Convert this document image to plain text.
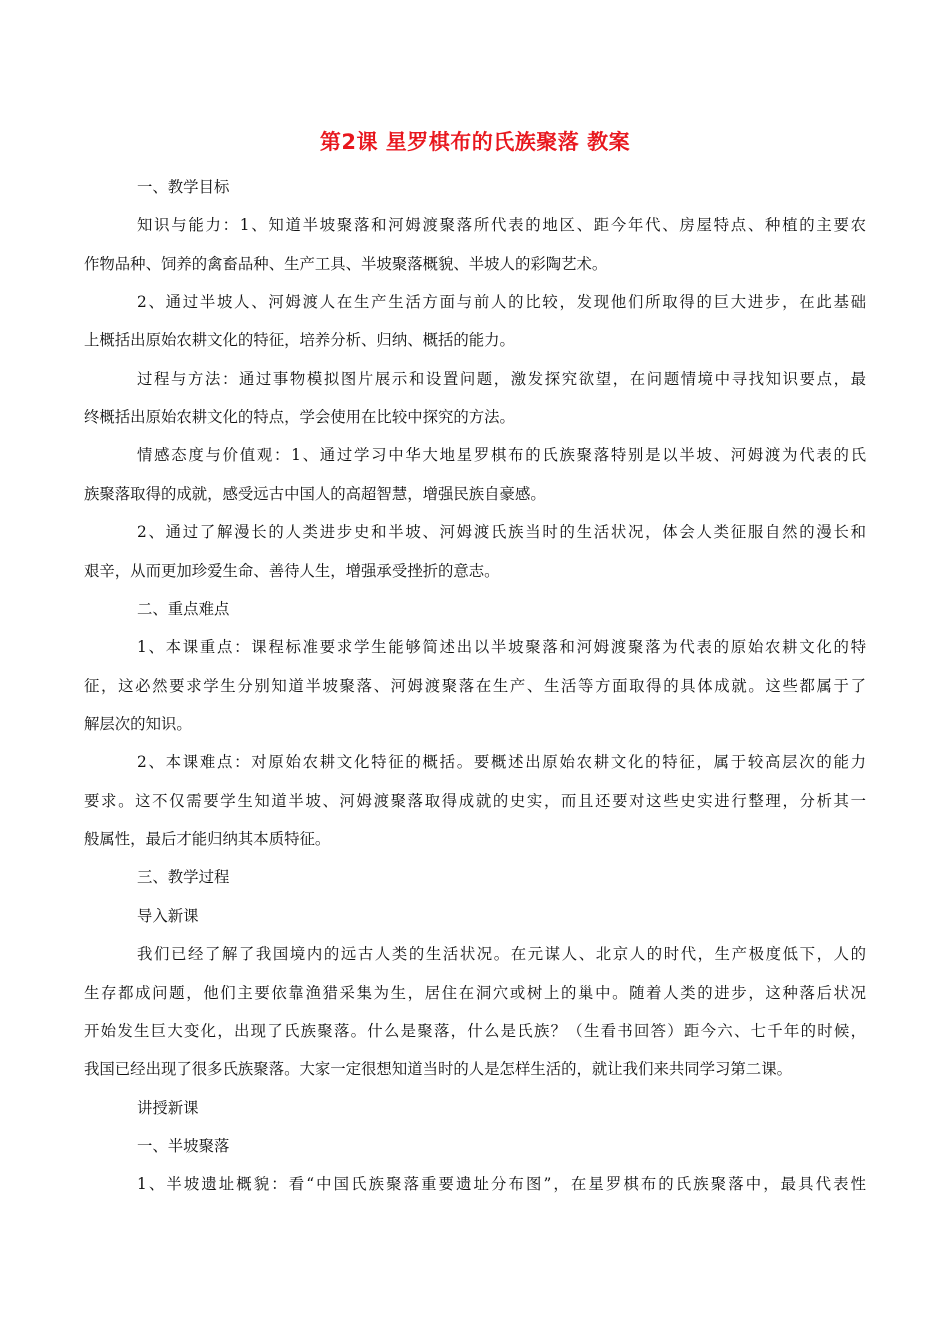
第2课 星罗棋布的氏族聚落 教案
一、教学目标
知识与能力：1、知道半坡聚落和河姆渡聚落所代表的地区、距今年代、房屋特点、种植的主要农
作物品种、饲养的禽畜品种、生产工具、半坡聚落概貌、半坡人的彩陶艺术。
2、通过半坡人、河姆渡人在生产生活方面与前人的比较，发现他们所取得的巨大进步，在此基础
上概括出原始农耕文化的特征，培养分析、归纳、概括的能力。
过程与方法：通过事物模拟图片展示和设置问题，激发探究欲望，在问题情境中寻找知识要点，最
终概括出原始农耕文化的特点，学会使用在比较中探究的方法。
情感态度与价值观：1、通过学习中华大地星罗棋布的氏族聚落特别是以半坡、河姆渡为代表的氏
族聚落取得的成就，感受远古中国人的高超智慧，增强民族自豪感。
2、通过了解漫长的人类进步史和半坡、河姆渡氏族当时的生活状况，体会人类征服自然的漫长和
艰辛，从而更加珍爱生命、善待人生，增强承受挫折的意志。
二、重点难点
1、本课重点：课程标准要求学生能够简述出以半坡聚落和河姆渡聚落为代表的原始农耕文化的特
征，这必然要求学生分别知道半坡聚落、河姆渡聚落在生产、生活等方面取得的具体成就。这些都属于了
解层次的知识。
2、本课难点：对原始农耕文化特征的概括。要概述出原始农耕文化的特征，属于较高层次的能力
要求。这不仅需要学生知道半坡、河姆渡聚落取得成就的史实，而且还要对这些史实进行整理，分析其一
般属性，最后才能归纳其本质特征。
三、教学过程
导入新课
我们已经了解了我国境内的远古人类的生活状况。在元谋人、北京人的时代，生产极度低下，人的
生存都成问题，他们主要依靠渔猎采集为生，居住在洞穴或树上的巢中。随着人类的进步，这种落后状况
开始发生巨大变化，出现了氏族聚落。什么是聚落，什么是氏族？（生看书回答）距今六、七千年的时候，
我国已经出现了很多氏族聚落。大家一定很想知道当时的人是怎样生活的，就让我们来共同学习第二课。
讲授新课
一、半坡聚落
1、半坡遗址概貌：看“中国氏族聚落重要遗址分布图”，在星罗棋布的氏族聚落中，最具代表性
